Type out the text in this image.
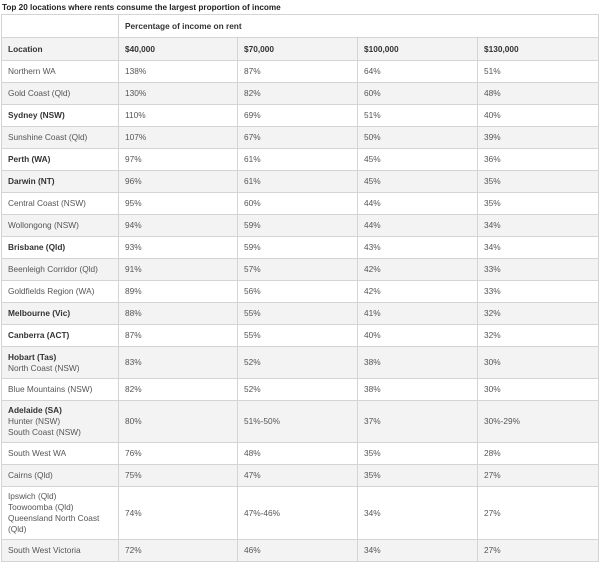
Top 20 locations where rents consume the largest proportion of income
	Percentage of income on rent			
Location	$40,000	$70,000	$100,000	$130,000

Northern WA	138%	87%	64%	51%

Gold Coast (Qld)	130%	82%	60%	48%

Sydney (NSW)	110%	69%	51%	40%

Sunshine Coast (Qld)	107%	67%	50%	39%

Perth (WA)	97%	61%	45%	36%

Darwin (NT)	96%	61%	45%	35%

Central Coast (NSW)	95%	60%	44%	35%

Wollongong (NSW)	94%	59%	44%	34%

Brisbane (Qld)	93%	59%	43%	34%

Beenleigh Corridor (Qld)	91%	57%	42%	33%

Goldfields Region (WA)	89%	56%	42%	33%

Melbourne (Vic)	88%	55%	41%	32%

Canberra (ACT)	87%	55%	40%	32%

Hobart (Tas)
North Coast (NSW)	83%	52%	38%	30%

Blue Mountains (NSW)	82%	52%	38%	30%

Adelaide (SA)
Hunter (NSW)
South Coast (NSW)	80%	51%-50%	37%	30%-29%

South West WA	76%	48%	35%	28%

Cairns (Qld)	75%	47%	35%	27%

Ipswich (Qld)
Toowoomba (Qld)
Queensland North Coast
(Qld)	74%	47%-46%	34%	27%

South West Victoria	72%	46%	34%	27%
